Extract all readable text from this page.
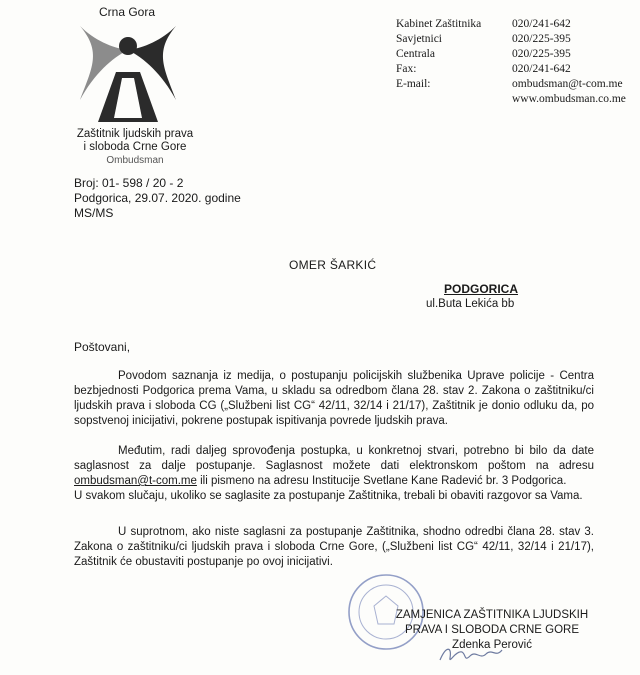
Crna Gora
Zaštitnik ljudskih prava
i sloboda Crne Gore
Ombudsman
Kabinet Zaštitnika	020/241-642
Savjetnici	020/225-395
Centrala	020/225-395
Fax:	020/241-642
E-mail:	ombudsman@t-com.me
www.ombudsman.co.me
Broj: 01- 598 / 20 - 2
Podgorica, 29.07. 2020. godine
MS/MS
OMER ŠARKIĆ
PODGORICA
ul.Buta Lekića bb
Poštovani,
Povodom saznanja iz medija, o postupanju policijskih službenika Uprave policije - Centra bezbjednosti Podgorica prema Vama, u skladu sa odredbom člana 28. stav 2. Zakona o zaštitniku/ci ljudskih prava i sloboda CG („Službeni list CG“ 42/11, 32/14 i 21/17), Zaštitnik je donio odluku da, po sopstvenoj inicijativi, pokrene postupak ispitivanja povrede ljudskih prava.
Međutim, radi daljeg sprovođenja postupka, u konkretnoj stvari, potrebno bi bilo da date saglasnost za dalje postupanje. Saglasnost možete dati elektronskom poštom na adresu ombudsman@t-com.me ili pismeno na adresu Institucije Svetlane Kane Radević br. 3 Podgorica.
U svakom slučaju, ukoliko se saglasite za postupanje Zaštitnika, trebali bi obaviti razgovor sa Vama.
U suprotnom, ako niste saglasni za postupanje Zaštitnika, shodno odredbi člana 28. stav 3. Zakona o zaštitniku/ci ljudskih prava i sloboda Crne Gore, („Službeni list CG“ 42/11, 32/14 i 21/17), Zaštitnik će obustaviti postupanje po ovoj inicijativi.
ZAMJENICA ZAŠTITNIKA LJUDSKIH
PRAVA I SLOBODA CRNE GORE
Zdenka Perović
